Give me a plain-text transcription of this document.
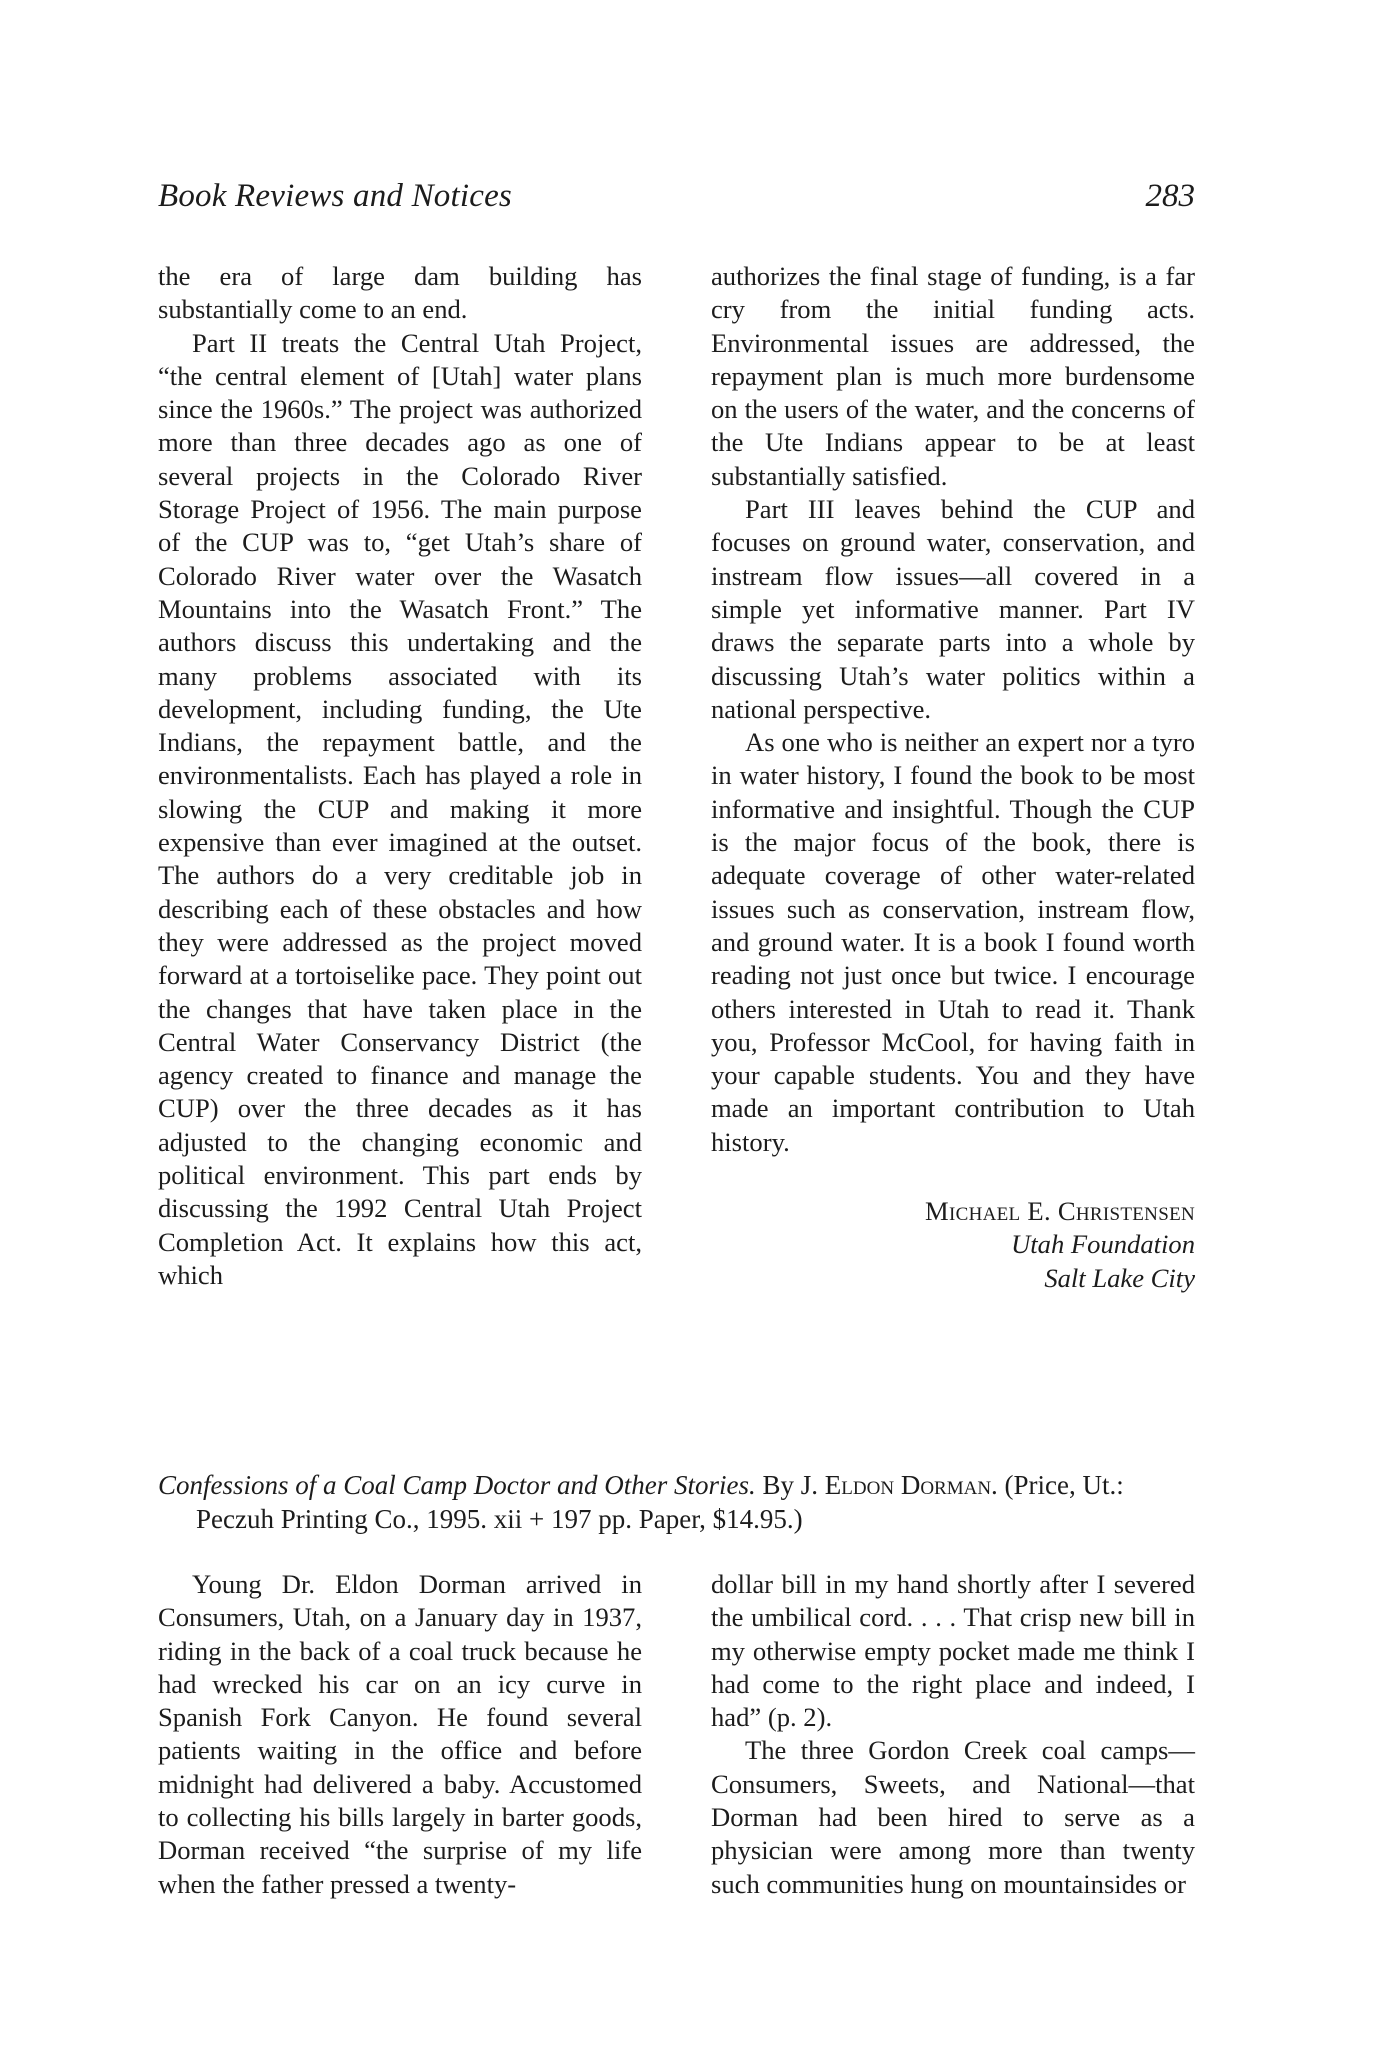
Book Reviews and Notices	283

the era of large dam building has substantially come to an end.

Part II treats the Central Utah Project, “the central element of [Utah] water plans since the 1960s.” The project was authorized more than three decades ago as one of several projects in the Colorado River Storage Project of 1956. The main purpose of the CUP was to, “get Utah’s share of Colorado River water over the Wasatch Mountains into the Wasatch Front.” The authors discuss this undertaking and the many problems associated with its development, including funding, the Ute Indians, the repayment battle, and the environmentalists. Each has played a role in slowing the CUP and making it more expensive than ever imagined at the outset. The authors do a very creditable job in describing each of these obstacles and how they were addressed as the project moved forward at a tortoiselike pace. They point out the changes that have taken place in the Central Water Conservancy District (the agency created to finance and manage the CUP) over the three decades as it has adjusted to the changing economic and political environment. This part ends by discussing the 1992 Central Utah Project Completion Act. It explains how this act, which

authorizes the final stage of funding, is a far cry from the initial funding acts. Environmental issues are addressed, the repayment plan is much more burdensome on the users of the water, and the concerns of the Ute Indians appear to be at least substantially satisfied.

Part III leaves behind the CUP and focuses on ground water, conservation, and instream flow issues—all covered in a simple yet informative manner. Part IV draws the separate parts into a whole by discussing Utah’s water politics within a national perspective.

As one who is neither an expert nor a tyro in water history, I found the book to be most informative and insightful. Though the CUP is the major focus of the book, there is adequate coverage of other water-related issues such as conservation, instream flow, and ground water. It is a book I found worth reading not just once but twice. I encourage others interested in Utah to read it. Thank you, Professor McCool, for having faith in your capable students. You and they have made an important contribution to Utah history.

Michael E. Christensen
Utah Foundation
Salt Lake City
Confessions of a Coal Camp Doctor and Other Stories. By J. Eldon Dorman. (Price, Ut.: Peczuh Printing Co., 1995. xii + 197 pp. Paper, $14.95.)

Young Dr. Eldon Dorman arrived in Consumers, Utah, on a January day in 1937, riding in the back of a coal truck because he had wrecked his car on an icy curve in Spanish Fork Canyon. He found several patients waiting in the office and before midnight had delivered a baby. Accustomed to collecting his bills largely in barter goods, Dorman received “the surprise of my life when the father pressed a twenty-

dollar bill in my hand shortly after I severed the umbilical cord. . . . That crisp new bill in my otherwise empty pocket made me think I had come to the right place and indeed, I had” (p. 2).

The three Gordon Creek coal camps—Consumers, Sweets, and National—that Dorman had been hired to serve as a physician were among more than twenty such communities hung on mountainsides or
